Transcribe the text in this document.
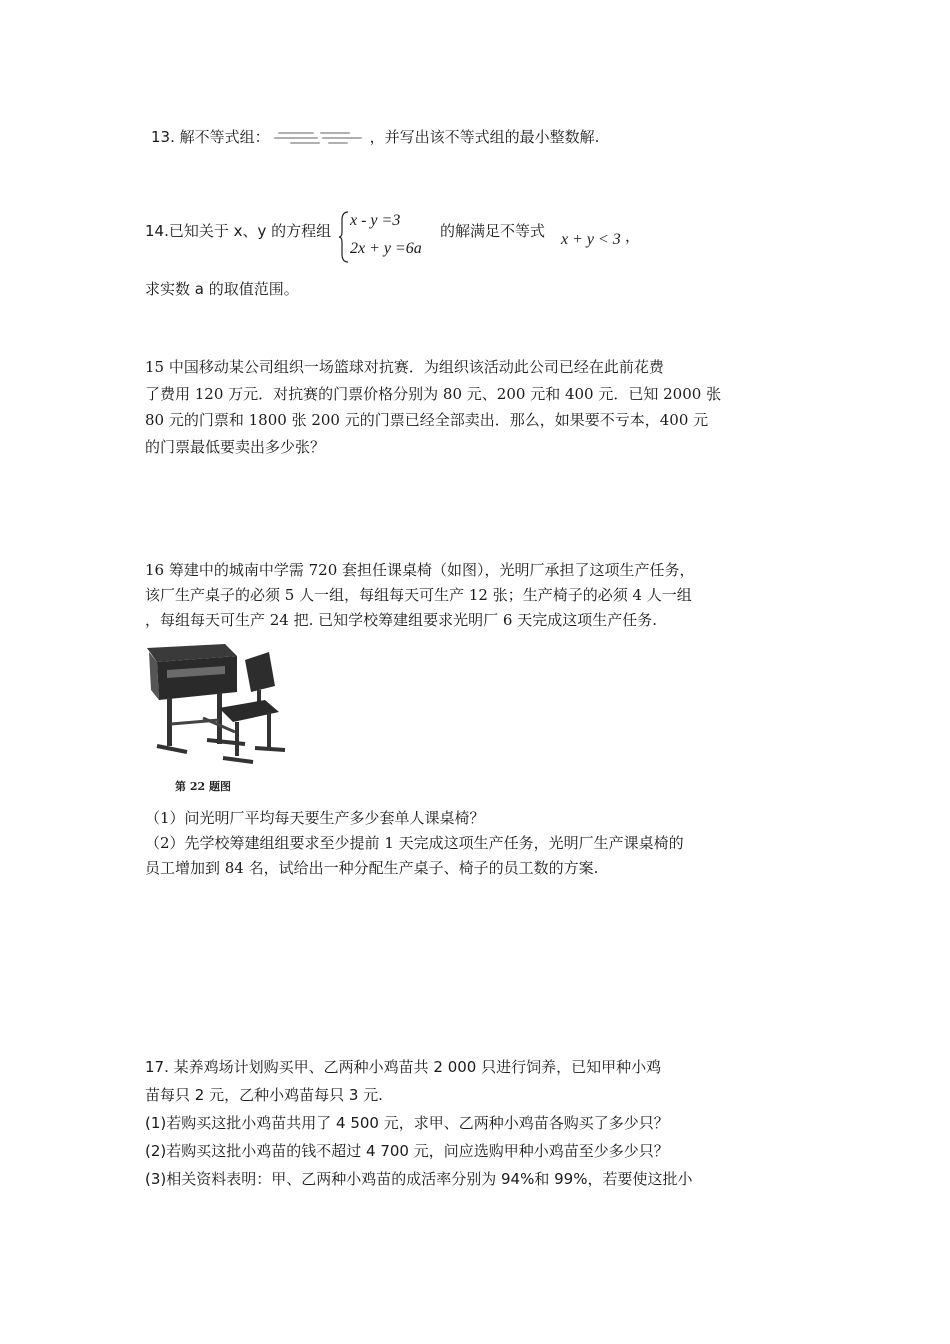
13. 解不等式组：	，并写出该不等式组的最小整数解.
14.已知关于 x、y 的方程组
x - y =3
2x + y =6a
的解满足不等式 x + y < 3 ，
求实数 a 的取值范围。
15 中国移动某公司组织一场篮球对抗赛．为组织该活动此公司已经在此前花费
了费用 120 万元．对抗赛的门票价格分别为 80 元、200 元和 400 元．已知 2000 张
80 元的门票和 1800 张 200 元的门票已经全部卖出．那么，如果要不亏本，400 元
的门票最低要卖出多少张？
16 筹建中的城南中学需 720 套担任课桌椅（如图），光明厂承担了这项生产任务，
该厂生产桌子的必须 5 人一组，每组每天可生产 12 张；生产椅子的必须 4 人一组
，每组每天可生产 24 把. 已知学校筹建组要求光明厂 6 天完成这项生产任务.
第 22 题图
（1）问光明厂平均每天要生产多少套单人课桌椅？
（2）先学校筹建组组要求至少提前 1 天完成这项生产任务，光明厂生产课桌椅的
员工增加到 84 名，试给出一种分配生产桌子、椅子的员工数的方案.
17. 某养鸡场计划购买甲、乙两种小鸡苗共 2 000 只进行饲养，已知甲种小鸡
苗每只 2 元，乙种小鸡苗每只 3 元.
(1)若购买这批小鸡苗共用了 4 500 元，求甲、乙两种小鸡苗各购买了多少只？
(2)若购买这批小鸡苗的钱不超过 4 700 元，问应选购甲种小鸡苗至少多少只？
(3)相关资料表明：甲、乙两种小鸡苗的成活率分别为 94%和 99%，若要使这批小
